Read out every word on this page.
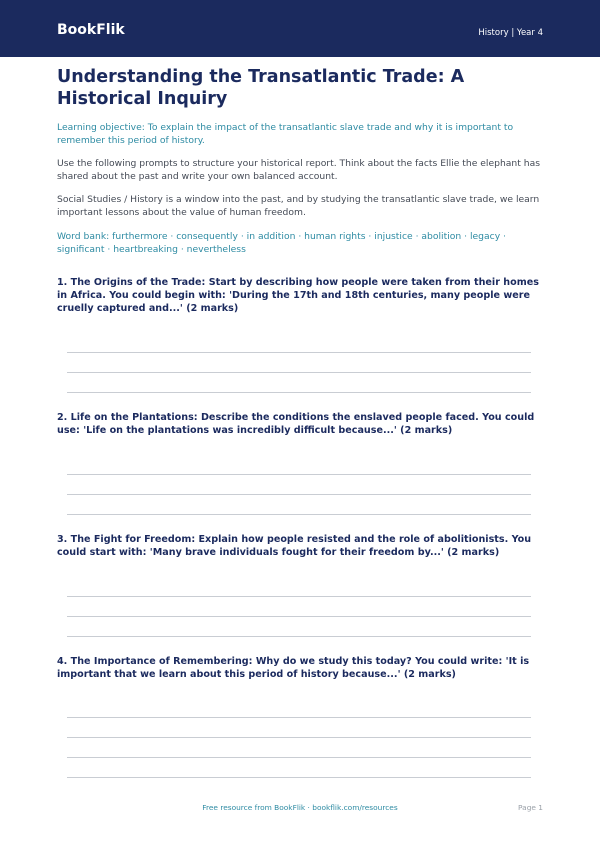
BookFlik	History | Year 4
Understanding the Transatlantic Trade: A Historical Inquiry
Learning objective: To explain the impact of the transatlantic slave trade and why it is important to remember this period of history.
Use the following prompts to structure your historical report. Think about the facts Ellie the elephant has shared about the past and write your own balanced account.
Social Studies / History is a window into the past, and by studying the transatlantic slave trade, we learn important lessons about the value of human freedom.
Word bank: furthermore · consequently · in addition · human rights · injustice · abolition · legacy · significant · heartbreaking · nevertheless
1. The Origins of the Trade: Start by describing how people were taken from their homes in Africa. You could begin with: 'During the 17th and 18th centuries, many people were cruelly captured and...' (2 marks)
2. Life on the Plantations: Describe the conditions the enslaved people faced. You could use: 'Life on the plantations was incredibly difficult because...' (2 marks)
3. The Fight for Freedom: Explain how people resisted and the role of abolitionists. You could start with: 'Many brave individuals fought for their freedom by...' (2 marks)
4. The Importance of Remembering: Why do we study this today? You could write: 'It is important that we learn about this period of history because...' (2 marks)
Free resource from BookFlik · bookflik.com/resources	Page 1
